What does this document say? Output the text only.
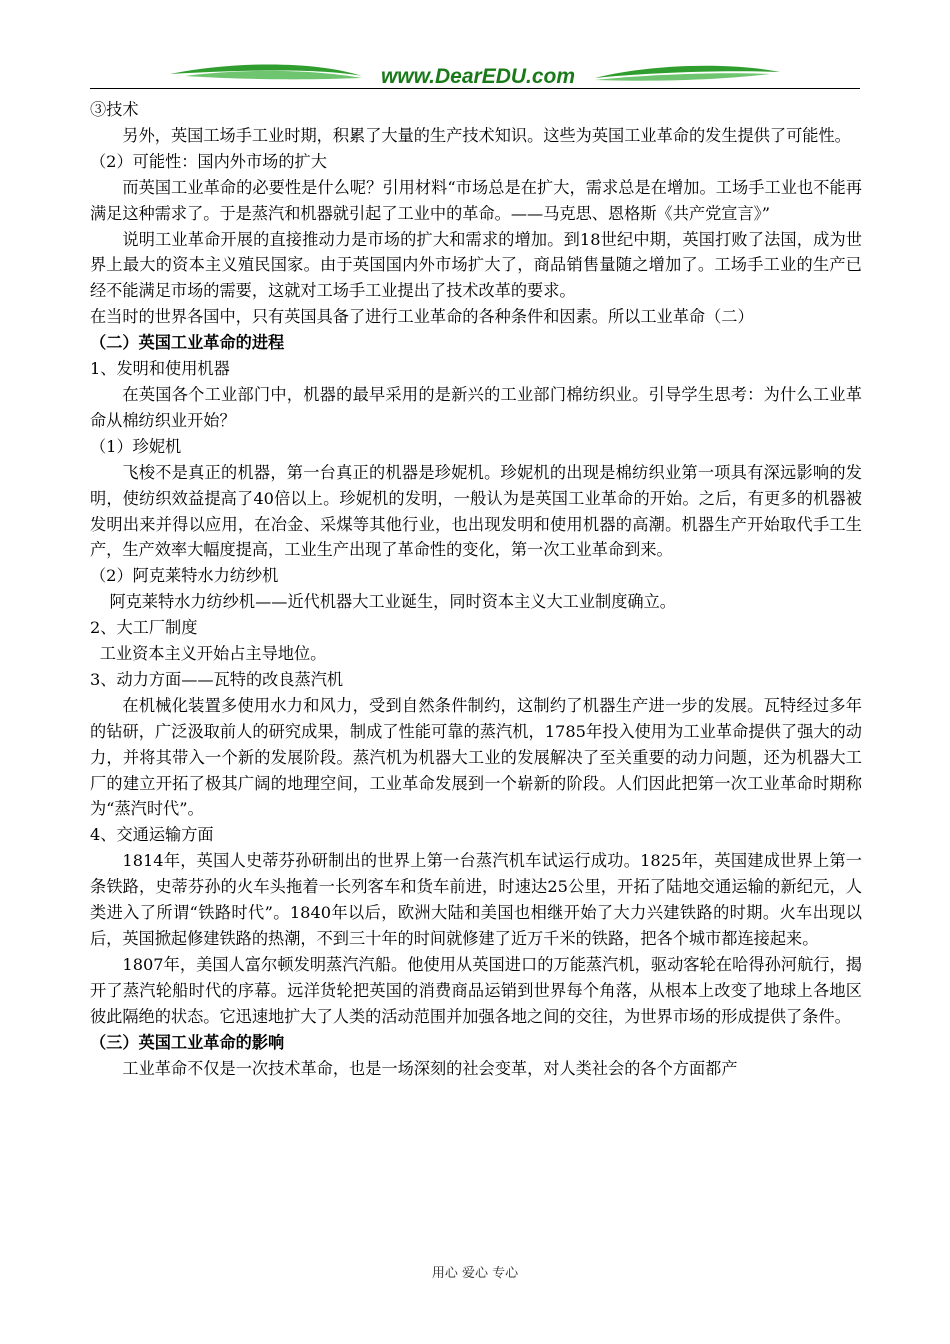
www.DearEDU.com

③技术

另外，英国工场手工业时期，积累了大量的生产技术知识。这些为英国工业革命的发生提供了可能性。

（2）可能性：国内外市场的扩大

而英国工业革命的必要性是什么呢？引用材料“市场总是在扩大，需求总是在增加。工场手工业也不能再满足这种需求了。于是蒸汽和机器就引起了工业中的革命。——马克思、恩格斯《共产党宣言》”

说明工业革命开展的直接推动力是市场的扩大和需求的增加。到18世纪中期，英国打败了法国，成为世界上最大的资本主义殖民国家。由于英国国内外市场扩大了，商品销售量随之增加了。工场手工业的生产已经不能满足市场的需要，这就对工场手工业提出了技术改革的要求。

在当时的世界各国中，只有英国具备了进行工业革命的各种条件和因素。所以工业革命（二）

（二）英国工业革命的进程

1、发明和使用机器

在英国各个工业部门中，机器的最早采用的是新兴的工业部门棉纺织业。引导学生思考：为什么工业革命从棉纺织业开始？

（1）珍妮机

飞梭不是真正的机器，第一台真正的机器是珍妮机。珍妮机的出现是棉纺织业第一项具有深远影响的发明，使纺织效益提高了40倍以上。珍妮机的发明，一般认为是英国工业革命的开始。之后，有更多的机器被发明出来并得以应用，在冶金、采煤等其他行业，也出现发明和使用机器的高潮。机器生产开始取代手工生产，生产效率大幅度提高，工业生产出现了革命性的变化，第一次工业革命到来。

（2）阿克莱特水力纺纱机

阿克莱特水力纺纱机——近代机器大工业诞生，同时资本主义大工业制度确立。

2、大工厂制度

工业资本主义开始占主导地位。

3、动力方面——瓦特的改良蒸汽机

在机械化装置多使用水力和风力，受到自然条件制约，这制约了机器生产进一步的发展。瓦特经过多年的钻研，广泛汲取前人的研究成果，制成了性能可靠的蒸汽机，1785年投入使用为工业革命提供了强大的动力，并将其带入一个新的发展阶段。蒸汽机为机器大工业的发展解决了至关重要的动力问题，还为机器大工厂的建立开拓了极其广阔的地理空间，工业革命发展到一个崭新的阶段。人们因此把第一次工业革命时期称为“蒸汽时代”。

4、交通运输方面

1814年，英国人史蒂芬孙研制出的世界上第一台蒸汽机车试运行成功。1825年，英国建成世界上第一条铁路，史蒂芬孙的火车头拖着一长列客车和货车前进，时速达25公里，开拓了陆地交通运输的新纪元，人类进入了所谓“铁路时代”。1840年以后，欧洲大陆和美国也相继开始了大力兴建铁路的时期。火车出现以后，英国掀起修建铁路的热潮，不到三十年的时间就修建了近万千米的铁路，把各个城市都连接起来。

1807年，美国人富尔顿发明蒸汽汽船。他使用从英国进口的万能蒸汽机，驱动客轮在哈得孙河航行，揭开了蒸汽轮船时代的序幕。远洋货轮把英国的消费商品运销到世界每个角落，从根本上改变了地球上各地区彼此隔绝的状态。它迅速地扩大了人类的活动范围并加强各地之间的交往，为世界市场的形成提供了条件。

（三）英国工业革命的影响

工业革命不仅是一次技术革命，也是一场深刻的社会变革，对人类社会的各个方面都产

用心 爱心 专心
